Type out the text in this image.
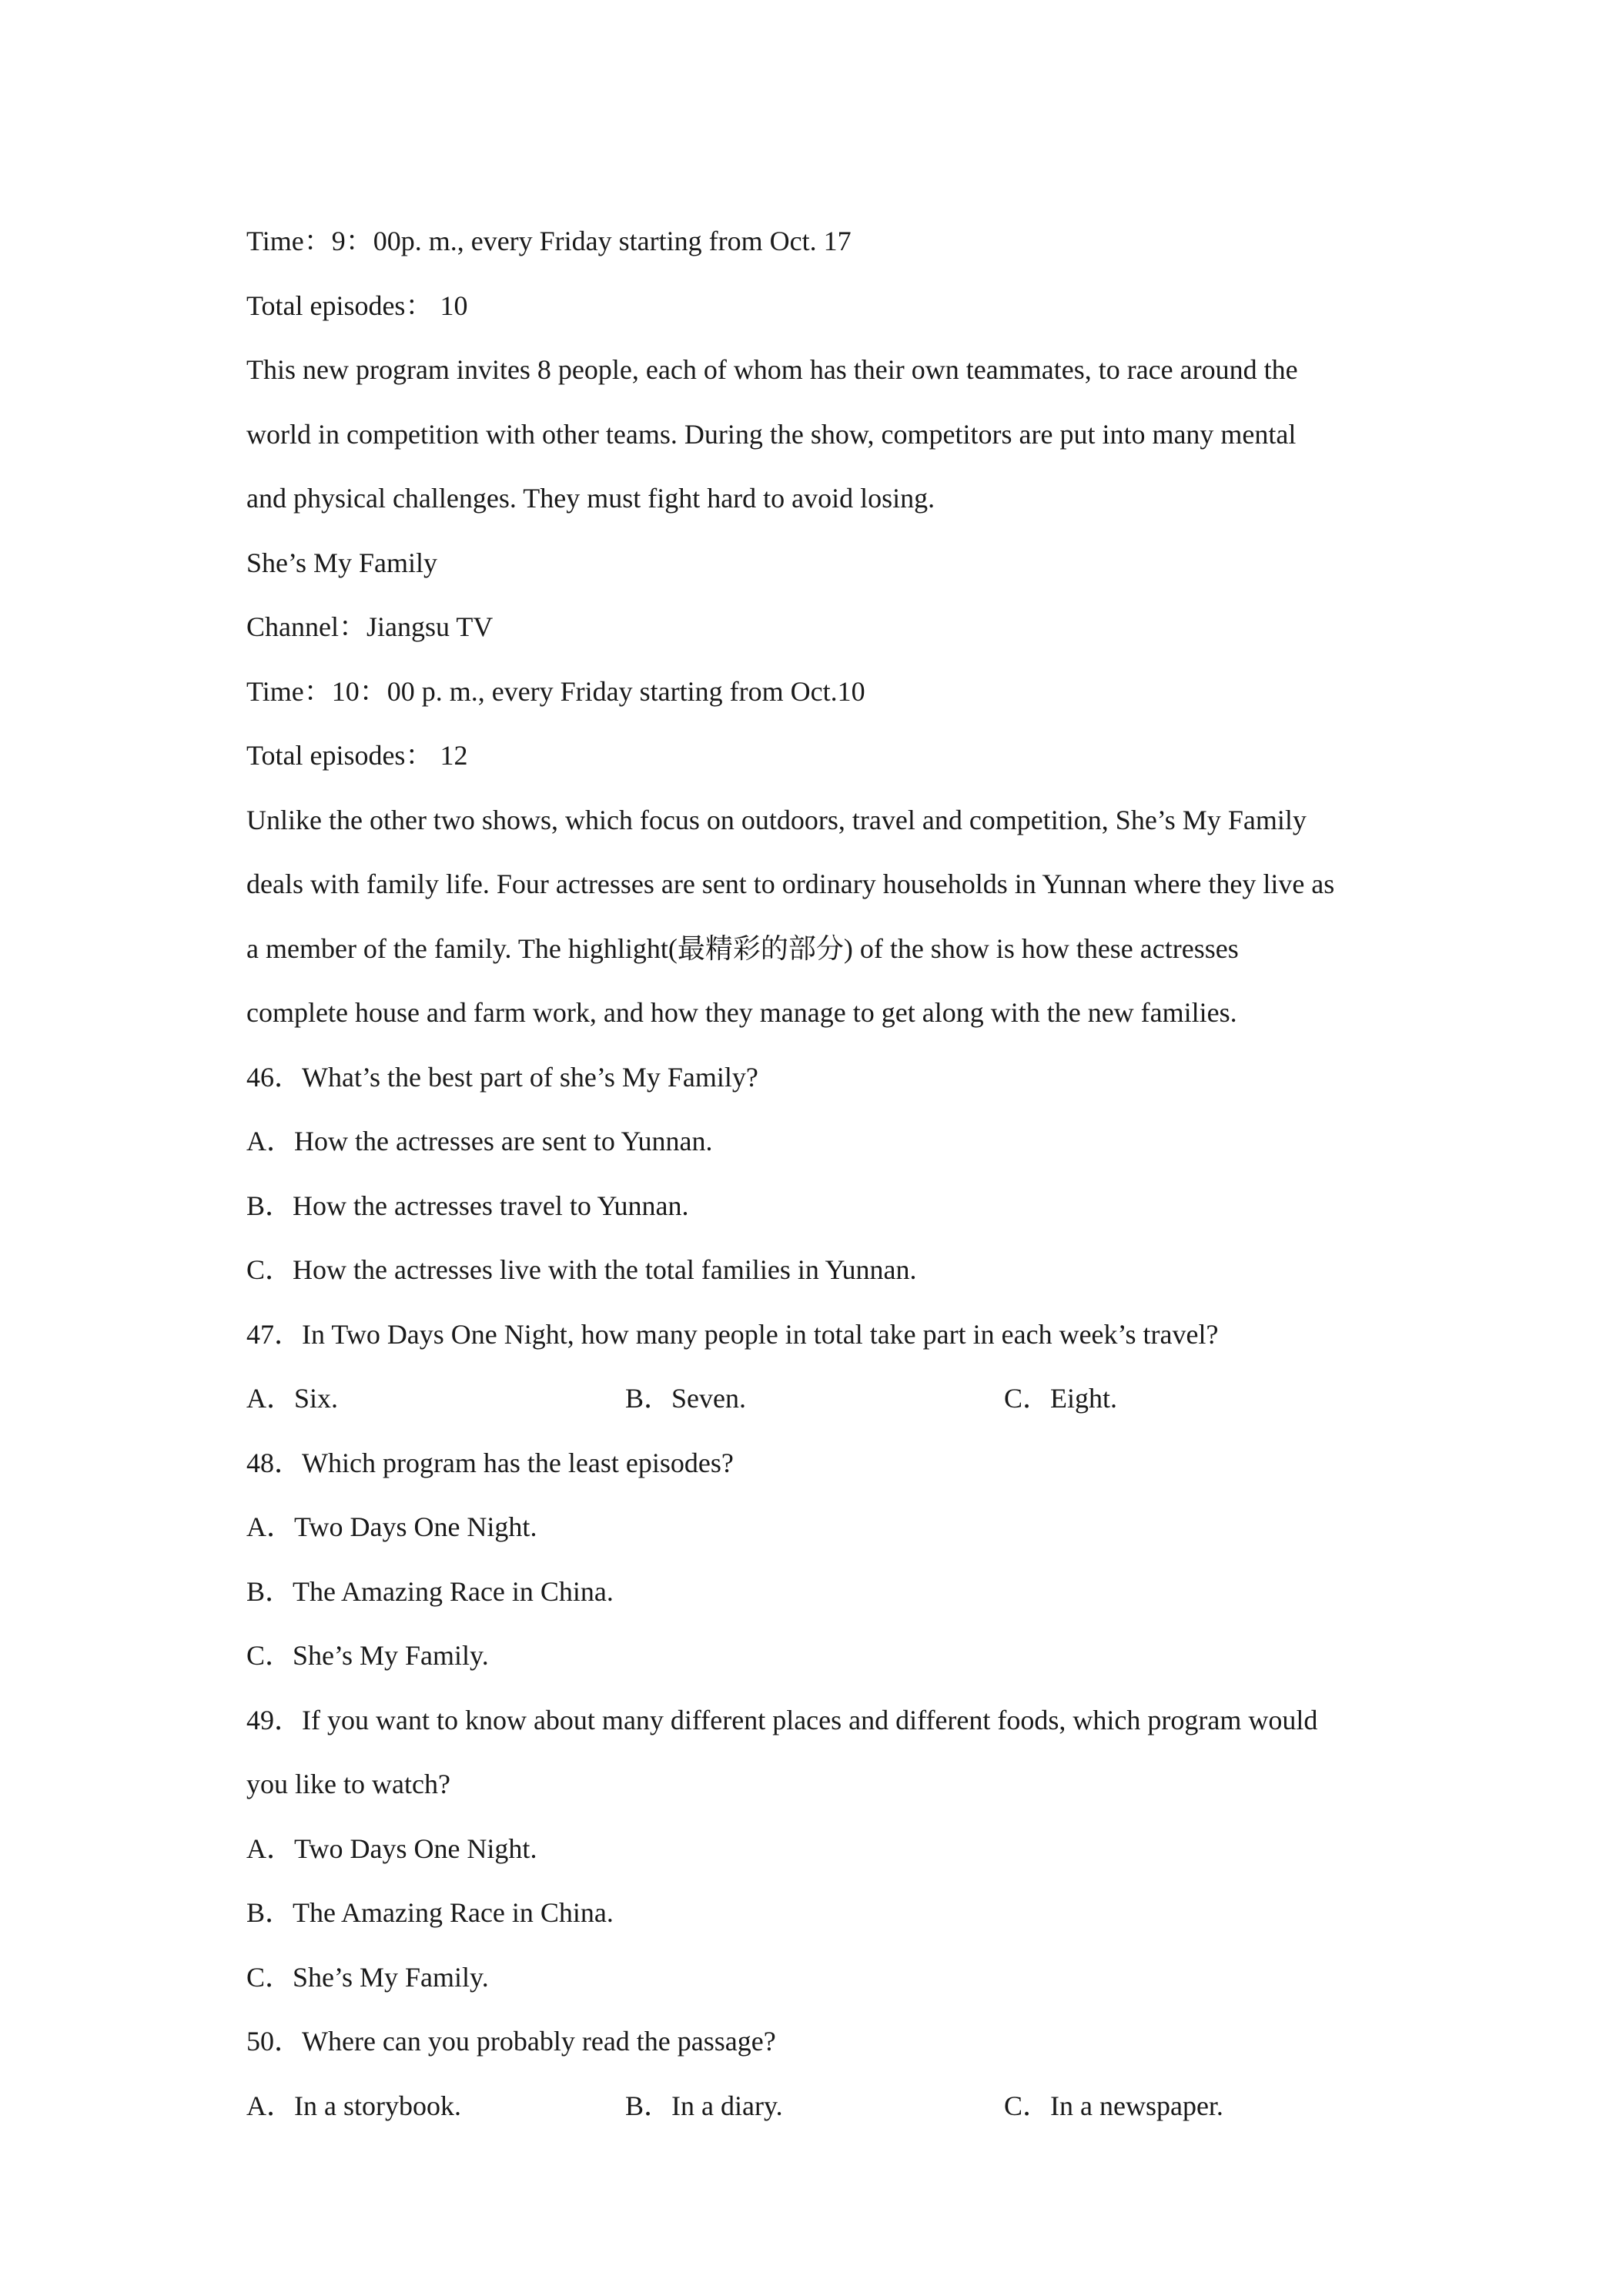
Time：9：00p. m., every Friday starting from Oct. 17
Total episodes： 10
This new program invites 8 people, each of whom has their own teammates, to race around the
world in competition with other teams. During the show, competitors are put into many mental
and physical challenges. They must fight hard to avoid losing.
She’s My Family
Channel：Jiangsu TV
Time：10：00 p. m., every Friday starting from Oct.10
Total episodes： 12
Unlike the other two shows, which focus on outdoors, travel and competition, She’s My Family
deals with family life. Four actresses are sent to ordinary households in Yunnan where they live as
a member of the family. The highlight(最精彩的部分) of the show is how these actresses
complete house and farm work, and how they manage to get along with the new families.
46．What’s the best part of she’s My Family?
A．How the actresses are sent to Yunnan.
B．How the actresses travel to Yunnan.
C．How the actresses live with the total families in Yunnan.
47．In Two Days One Night, how many people in total take part in each week’s travel?
A．Six.	B．Seven.	C．Eight.
48．Which program has the least episodes?
A．Two Days One Night.
B．The Amazing Race in China.
C．She’s My Family.
49．If you want to know about many different places and different foods, which program would
you like to watch?
A．Two Days One Night.
B．The Amazing Race in China.
C．She’s My Family.
50．Where can you probably read the passage?
A．In a storybook.	B．In a diary.	C．In a newspaper.
